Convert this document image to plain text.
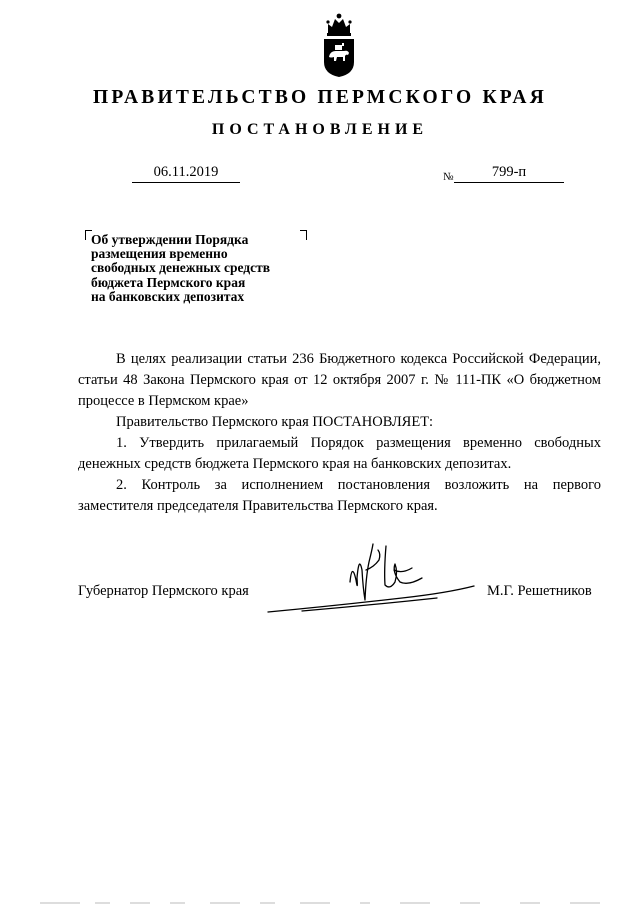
ПРАВИТЕЛЬСТВО ПЕРМСКОГО КРАЯ
ПОСТАНОВЛЕНИЕ
06.11.2019	№	799-п
Об утверждении Порядка
размещения временно
свободных денежных средств
бюджета Пермского края
на банковских депозитах

В целях реализации статьи 236 Бюджетного кодекса Российской Федерации, статьи 48 Закона Пермского края от 12 октября 2007 г. № 111-ПК «О бюджетном процессе в Пермском крае»

Правительство Пермского края ПОСТАНОВЛЯЕТ:

1. Утвердить прилагаемый Порядок размещения временно свободных денежных средств бюджета Пермского края на банковских депозитах.

2. Контроль за исполнением постановления возложить на первого заместителя председателя Правительства Пермского края.

Губернатор Пермского края	М.Г. Решетников
